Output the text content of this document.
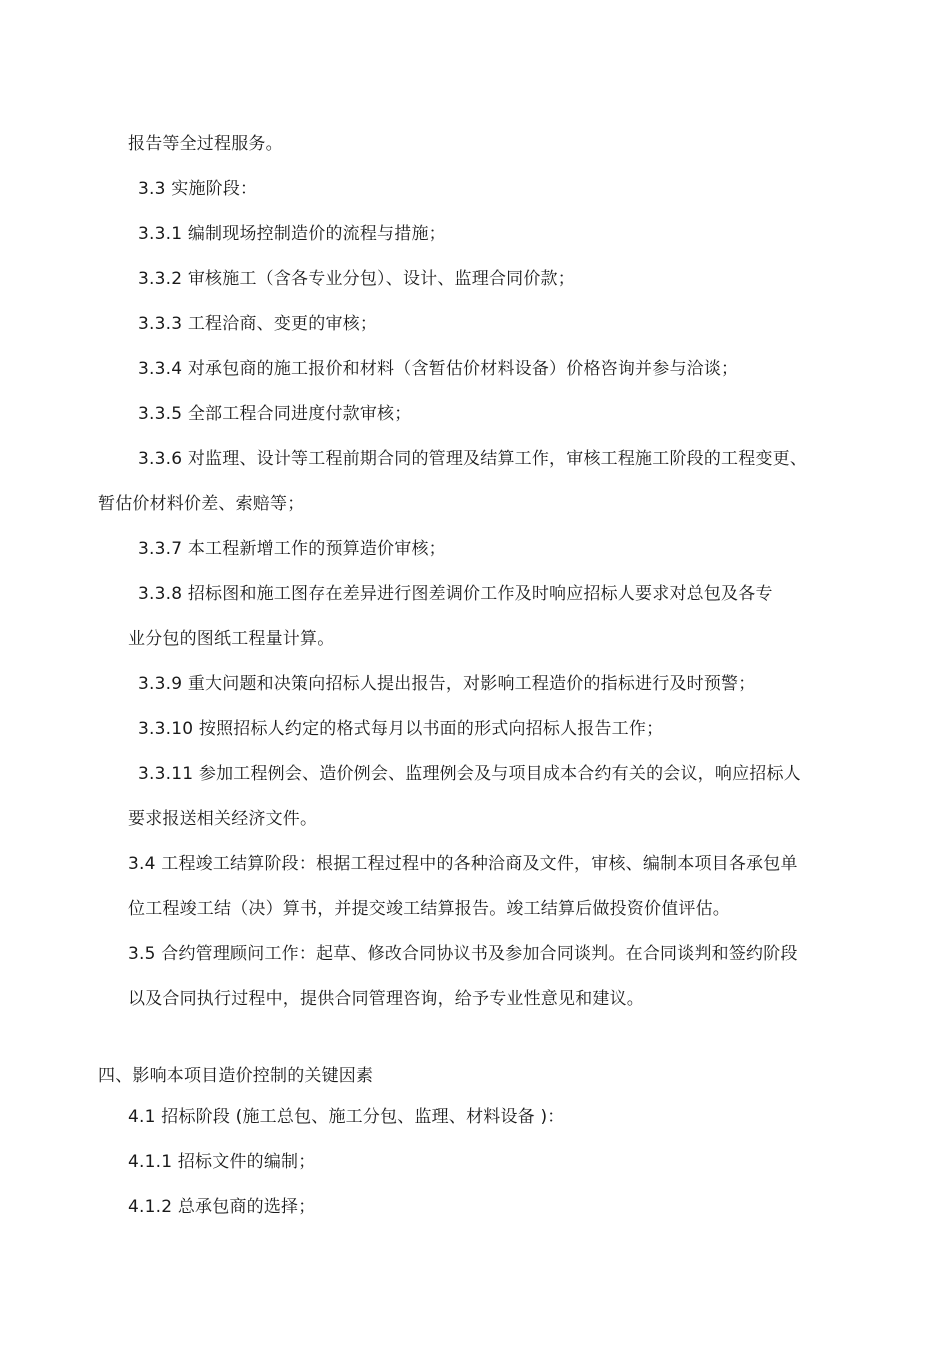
报告等全过程服务。
3.3 实施阶段：
3.3.1 编制现场控制造价的流程与措施；
3.3.2 审核施工（含各专业分包）、设计、监理合同价款；
3.3.3 工程洽商、变更的审核；
3.3.4 对承包商的施工报价和材料（含暂估价材料设备）价格咨询并参与洽谈；
3.3.5 全部工程合同进度付款审核；
3.3.6 对监理、设计等工程前期合同的管理及结算工作，审核工程施工阶段的工程变更、
暂估价材料价差、索赔等；
3.3.7 本工程新增工作的预算造价审核；
3.3.8 招标图和施工图存在差异进行图差调价工作及时响应招标人要求对总包及各专
业分包的图纸工程量计算。
3.3.9 重大问题和决策向招标人提出报告，对影响工程造价的指标进行及时预警；
3.3.10 按照招标人约定的格式每月以书面的形式向招标人报告工作；
3.3.11 参加工程例会、造价例会、监理例会及与项目成本合约有关的会议，响应招标人
要求报送相关经济文件。
3.4 工程竣工结算阶段：根据工程过程中的各种洽商及文件，审核、编制本项目各承包单
位工程竣工结（决）算书，并提交竣工结算报告。竣工结算后做投资价值评估。
3.5 合约管理顾问工作：起草、修改合同协议书及参加合同谈判。在合同谈判和签约阶段
以及合同执行过程中，提供合同管理咨询，给予专业性意见和建议。
四、影响本项目造价控制的关键因素
4.1 招标阶段 (施工总包、施工分包、监理、材料设备 )：
4.1.1 招标文件的编制；
4.1.2 总承包商的选择；
